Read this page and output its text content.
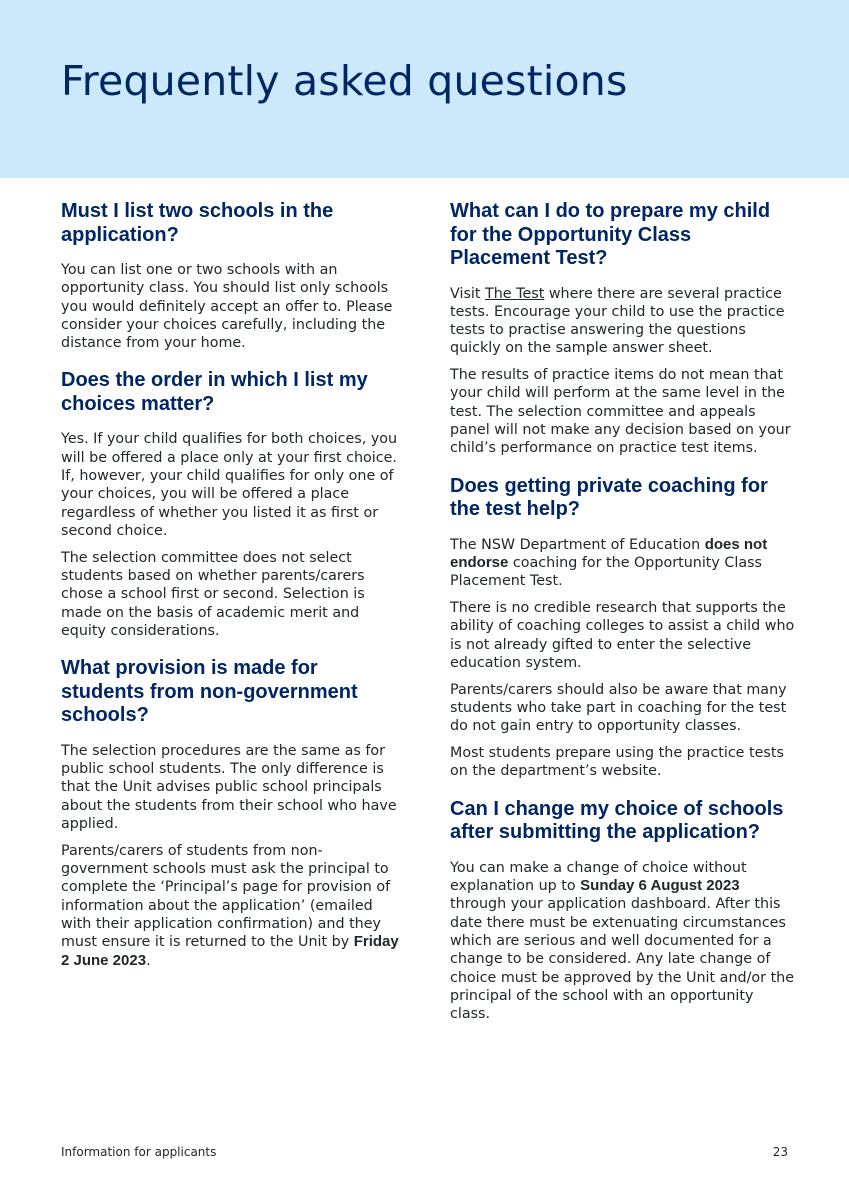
Frequently asked questions
Must I list two schools in the application?

You can list one or two schools with an opportunity class. You should list only schools you would definitely accept an offer to. Please consider your choices carefully, including the distance from your home.

Does the order in which I list my choices matter?

Yes. If your child qualifies for both choices, you will be offered a place only at your first choice. If, however, your child qualifies for only one of your choices, you will be offered a place regardless of whether you listed it as first or second choice.

The selection committee does not select students based on whether parents/carers chose a school first or second. Selection is made on the basis of academic merit and equity considerations.

What provision is made for students from non-government schools?

The selection procedures are the same as for public school students. The only difference is that the Unit advises public school principals about the students from their school who have applied.

Parents/carers of students from non-government schools must ask the principal to complete the ‘Principal’s page for provision of information about the application’ (emailed with their application confirmation) and they must ensure it is returned to the Unit by Friday 2 June 2023.

What can I do to prepare my child for the Opportunity Class Placement Test?

Visit The Test where there are several practice tests. Encourage your child to use the practice tests to practise answering the questions quickly on the sample answer sheet.

The results of practice items do not mean that your child will perform at the same level in the test. The selection committee and appeals panel will not make any decision based on your child’s performance on practice test items.

Does getting private coaching for the test help?

The NSW Department of Education does not endorse coaching for the Opportunity Class Placement Test.

There is no credible research that supports the ability of coaching colleges to assist a child who is not already gifted to enter the selective education system.

Parents/carers should also be aware that many students who take part in coaching for the test do not gain entry to opportunity classes.

Most students prepare using the practice tests on the department’s website.

Can I change my choice of schools after submitting the application?

You can make a change of choice without explanation up to Sunday 6 August 2023 through your application dashboard. After this date there must be extenuating circumstances which are serious and well documented for a change to be considered. Any late change of choice must be approved by the Unit and/or the principal of the school with an opportunity class.

Information for applicants	23
